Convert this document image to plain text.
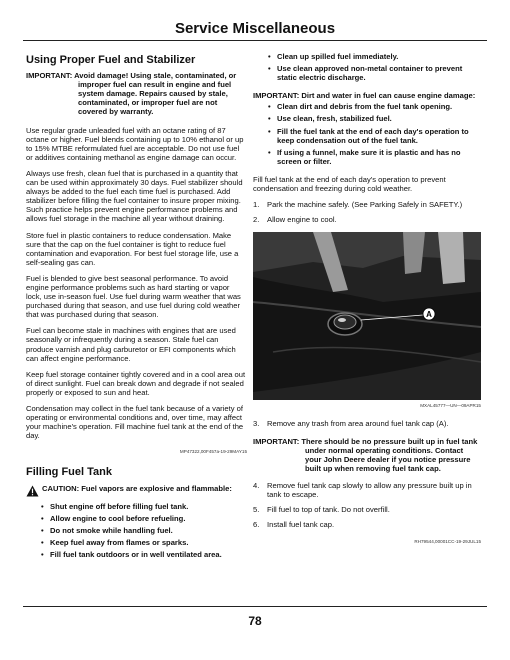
Service Miscellaneous
Using Proper Fuel and Stabilizer
IMPORTANT: Avoid damage! Using stale, contaminated, or improper fuel can result in engine and fuel system damage. Repairs caused by stale, contaminated, or improper fuel are not covered by warranty.
Use regular grade unleaded fuel with an octane rating of 87 octane or higher. Fuel blends containing up to 10% ethanol or up to 15% MTBE reformulated fuel are acceptable. Do not use fuel or additives containing methanol as engine damage can occur.
Always use fresh, clean fuel that is purchased in a quantity that can be used within approximately 30 days. Fuel stabilizer should always be added to the fuel each time fuel is purchased. Add stabilizer before filling the fuel container to insure proper mixing. Such practice helps prevent engine performance problems and allows fuel storage in the machine all year without draining.
Store fuel in plastic containers to reduce condensation. Make sure that the cap on the fuel container is tight to reduce fuel contamination and evaporation. For best fuel storage life, use a self-sealing gas can.
Fuel is blended to give best seasonal performance. To avoid engine performance problems such as hard starting or vapor lock, use in-season fuel. Use fuel during warm weather that was purchased during that season, and use fuel during cold weather that was purchased during that season.
Fuel can become stale in machines with engines that are used seasonally or infrequently during a season. Stale fuel can produce varnish and plug carburetor or EFI components which can affect engine performance.
Keep fuel storage container tightly covered and in a cool area out of direct sunlight. Fuel can break down and degrade if not sealed properly or exposed to sun and heat.
Condensation may collect in the fuel tank because of a variety of operating or environmental conditions and, over time, may affect your machine's operation. Fill machine fuel tank at the end of the day.
MP47322,00F457a-19-29MAY15
Filling Fuel Tank
CAUTION: Fuel vapors are explosive and flammable:
• Shut engine off before filling fuel tank.
• Allow engine to cool before refueling.
• Do not smoke while handling fuel.
• Keep fuel away from flames or sparks.
• Fill fuel tank outdoors or in well ventilated area.
• Clean up spilled fuel immediately.
• Use clean approved non-metal container to prevent static electric discharge.
IMPORTANT: Dirt and water in fuel can cause engine damage:
• Clean dirt and debris from the fuel tank opening.
• Use clean, fresh, stabilized fuel.
• Fill the fuel tank at the end of each day's operation to keep condensation out of the fuel tank.
• If using a funnel, make sure it is plastic and has no screen or filter.
Fill fuel tank at the end of each day's operation to prevent condensation and freezing during cold weather.
1. Park the machine safely. (See Parking Safely in SAFETY.)
2. Allow engine to cool.
A
MXAL45777—UN—09APR15
3. Remove any trash from area around fuel tank cap (A).
IMPORTANT: There should be no pressure built up in fuel tank under normal operating conditions. Contact your John Deere dealer if you notice pressure built up when removing fuel tank cap.
4. Remove fuel tank cap slowly to allow any pressure built up in tank to escape.
5. Fill fuel to top of tank. Do not overfill.
6. Install fuel tank cap.
RH79544,00001CC-19-29JUL15
78
